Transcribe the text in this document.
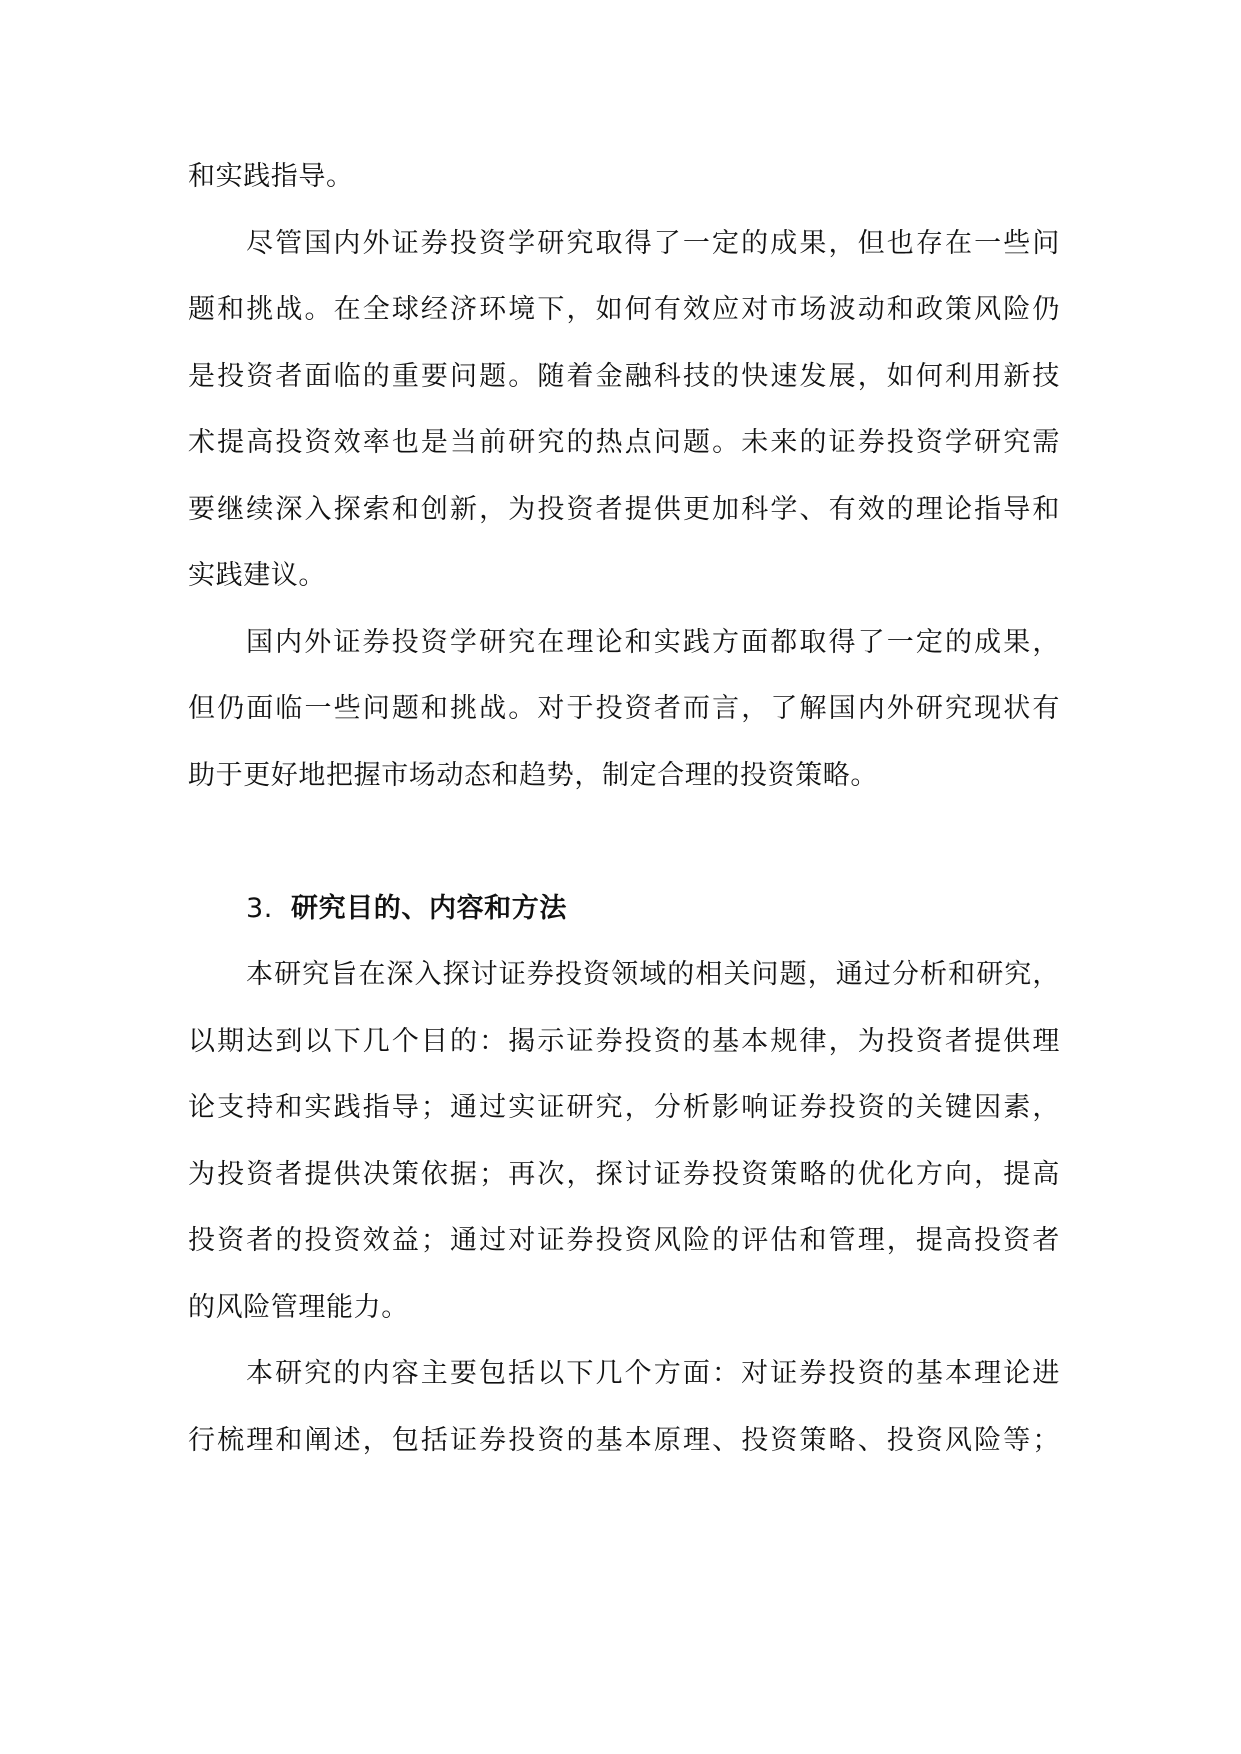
和实践指导。
尽管国内外证券投资学研究取得了一定的成果，但也存在一些问
题和挑战。在全球经济环境下，如何有效应对市场波动和政策风险仍
是投资者面临的重要问题。随着金融科技的快速发展，如何利用新技
术提高投资效率也是当前研究的热点问题。未来的证券投资学研究需
要继续深入探索和创新，为投资者提供更加科学、有效的理论指导和
实践建议。
国内外证券投资学研究在理论和实践方面都取得了一定的成果，
但仍面临一些问题和挑战。对于投资者而言，了解国内外研究现状有
助于更好地把握市场动态和趋势，制定合理的投资策略。
3. 研究目的、内容和方法
本研究旨在深入探讨证券投资领域的相关问题，通过分析和研究，
以期达到以下几个目的：揭示证券投资的基本规律，为投资者提供理
论支持和实践指导；通过实证研究，分析影响证券投资的关键因素，
为投资者提供决策依据；再次，探讨证券投资策略的优化方向，提高
投资者的投资效益；通过对证券投资风险的评估和管理，提高投资者
的风险管理能力。
本研究的内容主要包括以下几个方面：对证券投资的基本理论进
行梳理和阐述，包括证券投资的基本原理、投资策略、投资风险等；
